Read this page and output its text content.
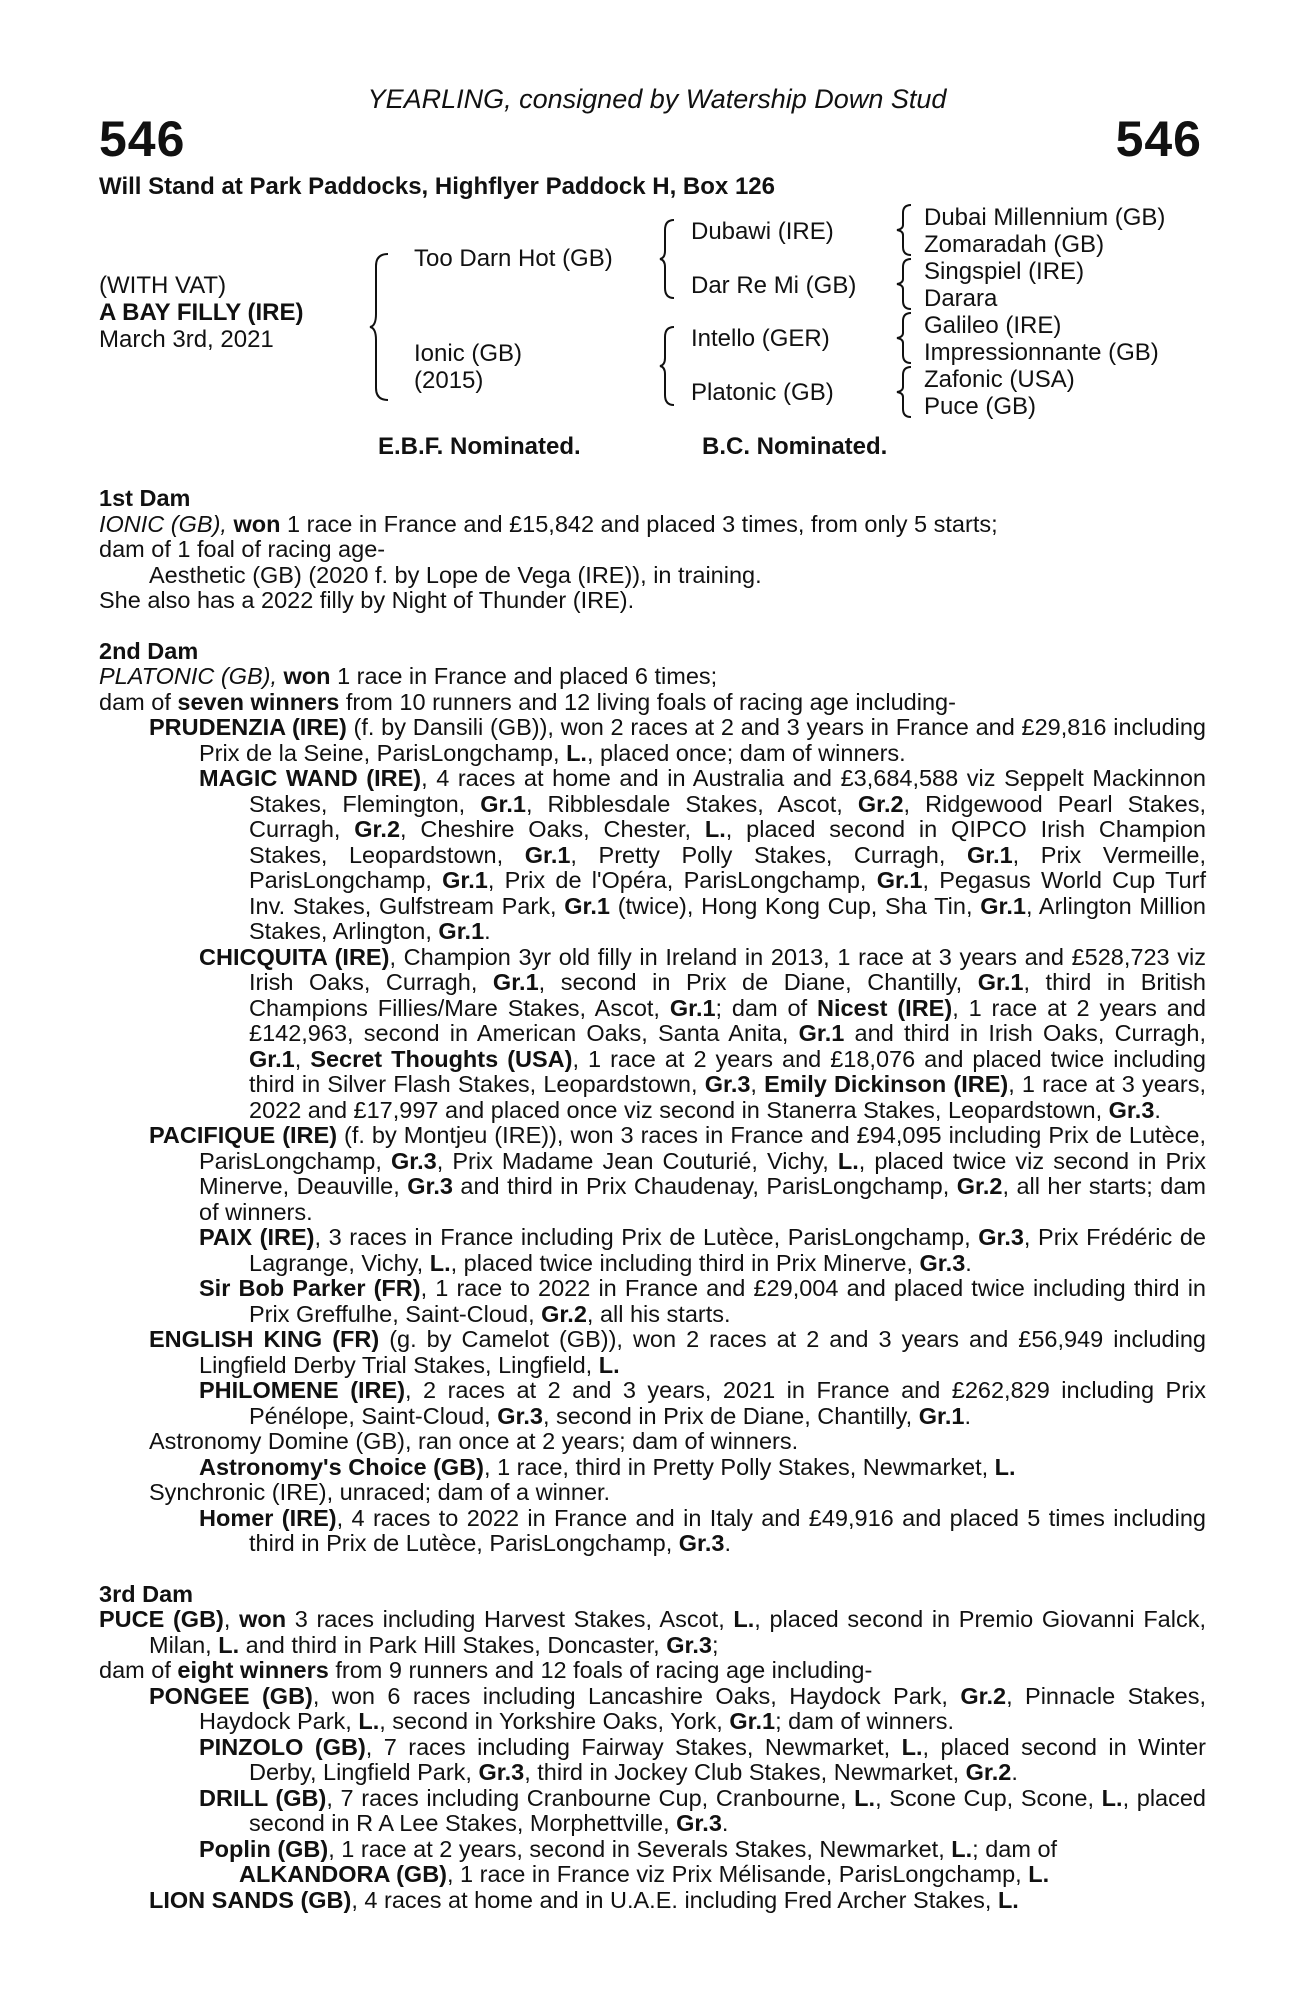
YEARLING, consigned by Watership Down Stud
546	546
Will Stand at Park Paddocks, Highflyer Paddock H, Box 126
(WITH VAT)
A BAY FILLY (IRE)
March 3rd, 2021
Too Darn Hot (GB)
Ionic (GB)
(2015)
Dubawi (IRE)
Dar Re Mi (GB)
Intello (GER)
Platonic (GB)
Dubai Millennium (GB)
Zomaradah (GB)
Singspiel (IRE)
Darara
Galileo (IRE)
Impressionnante (GB)
Zafonic (USA)
Puce (GB)
E.B.F. Nominated.	B.C. Nominated.

1st Dam

IONIC (GB), won 1 race in France and £15,842 and placed 3 times, from only 5 starts;

dam of 1 foal of racing age-

Aesthetic (GB) (2020 f. by Lope de Vega (IRE)), in training.

She also has a 2022 filly by Night of Thunder (IRE).

2nd Dam

PLATONIC (GB), won 1 race in France and placed 6 times;

dam of seven winners from 10 runners and 12 living foals of racing age including-

PRUDENZIA (IRE) (f. by Dansili (GB)), won 2 races at 2 and 3 years in France and £29,816 including Prix de la Seine, ParisLongchamp, L., placed once; dam of winners.

MAGIC WAND (IRE), 4 races at home and in Australia and £3,684,588 viz Seppelt Mackinnon Stakes, Flemington, Gr.1, Ribblesdale Stakes, Ascot, Gr.2, Ridgewood Pearl Stakes, Curragh, Gr.2, Cheshire Oaks, Chester, L., placed second in QIPCO Irish Champion Stakes, Leopardstown, Gr.1, Pretty Polly Stakes, Curragh, Gr.1, Prix Vermeille, ParisLongchamp, Gr.1, Prix de l'Opéra, ParisLongchamp, Gr.1, Pegasus World Cup Turf Inv. Stakes, Gulfstream Park, Gr.1 (twice), Hong Kong Cup, Sha Tin, Gr.1, Arlington Million Stakes, Arlington, Gr.1.

CHICQUITA (IRE), Champion 3yr old filly in Ireland in 2013, 1 race at 3 years and £528,723 viz Irish Oaks, Curragh, Gr.1, second in Prix de Diane, Chantilly, Gr.1, third in British Champions Fillies/Mare Stakes, Ascot, Gr.1; dam of Nicest (IRE), 1 race at 2 years and £142,963, second in American Oaks, Santa Anita, Gr.1 and third in Irish Oaks, Curragh, Gr.1, Secret Thoughts (USA), 1 race at 2 years and £18,076 and placed twice including third in Silver Flash Stakes, Leopardstown, Gr.3, Emily Dickinson (IRE), 1 race at 3 years, 2022 and £17,997 and placed once viz second in Stanerra Stakes, Leopardstown, Gr.3.

PACIFIQUE (IRE) (f. by Montjeu (IRE)), won 3 races in France and £94,095 including Prix de Lutèce, ParisLongchamp, Gr.3, Prix Madame Jean Couturié, Vichy, L., placed twice viz second in Prix Minerve, Deauville, Gr.3 and third in Prix Chaudenay, ParisLongchamp, Gr.2, all her starts; dam of winners.

PAIX (IRE), 3 races in France including Prix de Lutèce, ParisLongchamp, Gr.3, Prix Frédéric de Lagrange, Vichy, L., placed twice including third in Prix Minerve, Gr.3.

Sir Bob Parker (FR), 1 race to 2022 in France and £29,004 and placed twice including third in Prix Greffulhe, Saint-Cloud, Gr.2, all his starts.

ENGLISH KING (FR) (g. by Camelot (GB)), won 2 races at 2 and 3 years and £56,949 including Lingfield Derby Trial Stakes, Lingfield, L.

PHILOMENE (IRE), 2 races at 2 and 3 years, 2021 in France and £262,829 including Prix Pénélope, Saint-Cloud, Gr.3, second in Prix de Diane, Chantilly, Gr.1.

Astronomy Domine (GB), ran once at 2 years; dam of winners.

Astronomy's Choice (GB), 1 race, third in Pretty Polly Stakes, Newmarket, L.

Synchronic (IRE), unraced; dam of a winner.

Homer (IRE), 4 races to 2022 in France and in Italy and £49,916 and placed 5 times including third in Prix de Lutèce, ParisLongchamp, Gr.3.

3rd Dam

PUCE (GB), won 3 races including Harvest Stakes, Ascot, L., placed second in Premio Giovanni Falck, Milan, L. and third in Park Hill Stakes, Doncaster, Gr.3;

dam of eight winners from 9 runners and 12 foals of racing age including-

PONGEE (GB), won 6 races including Lancashire Oaks, Haydock Park, Gr.2, Pinnacle Stakes, Haydock Park, L., second in Yorkshire Oaks, York, Gr.1; dam of winners.

PINZOLO (GB), 7 races including Fairway Stakes, Newmarket, L., placed second in Winter Derby, Lingfield Park, Gr.3, third in Jockey Club Stakes, Newmarket, Gr.2.

DRILL (GB), 7 races including Cranbourne Cup, Cranbourne, L., Scone Cup, Scone, L., placed second in R A Lee Stakes, Morphettville, Gr.3.

Poplin (GB), 1 race at 2 years, second in Severals Stakes, Newmarket, L.; dam of

ALKANDORA (GB), 1 race in France viz Prix Mélisande, ParisLongchamp, L.

LION SANDS (GB), 4 races at home and in U.A.E. including Fred Archer Stakes, L.
